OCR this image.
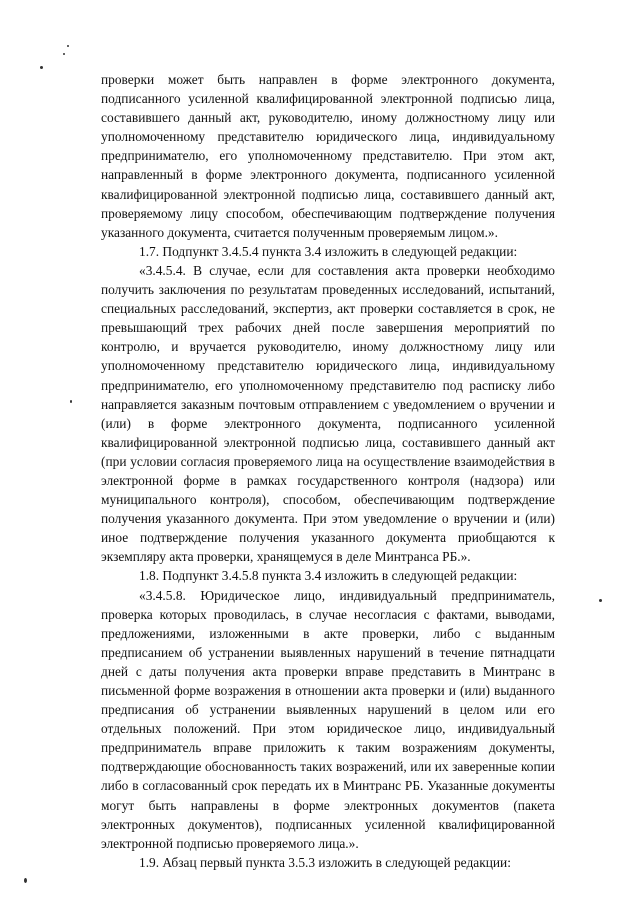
проверки может быть направлен в форме электронного документа, подписанного усиленной квалифицированной электронной подписью лица, составившего данный акт, руководителю, иному должностному лицу или уполномоченному представителю юридического лица, индивидуальному предпринимателю, его уполномоченному представителю. При этом акт, направленный в форме электронного документа, подписанного усиленной квалифицированной электронной подписью лица, составившего данный акт, проверяемому лицу способом, обеспечивающим подтверждение получения указанного документа, считается полученным проверяемым лицом.».

1.7. Подпункт 3.4.5.4 пункта 3.4 изложить в следующей редакции:

«3.4.5.4. В случае, если для составления акта проверки необходимо получить заключения по результатам проведенных исследований, испытаний, специальных расследований, экспертиз, акт проверки составляется в срок, не превышающий трех рабочих дней после завершения мероприятий по контролю, и вручается руководителю, иному должностному лицу или уполномоченному представителю юридического лица, индивидуальному предпринимателю, его уполномоченному представителю под расписку либо направляется заказным почтовым отправлением с уведомлением о вручении и (или) в форме электронного документа, подписанного усиленной квалифицированной электронной подписью лица, составившего данный акт (при условии согласия проверяемого лица на осуществление взаимодействия в электронной форме в рамках государственного контроля (надзора) или муниципального контроля), способом, обеспечивающим подтверждение получения указанного документа. При этом уведомление о вручении и (или) иное подтверждение получения указанного документа приобщаются к экземпляру акта проверки, хранящемуся в деле Минтранса РБ.».

1.8. Подпункт 3.4.5.8 пункта 3.4 изложить в следующей редакции:

«3.4.5.8. Юридическое лицо, индивидуальный предприниматель, проверка которых проводилась, в случае несогласия с фактами, выводами, предложениями, изложенными в акте проверки, либо с выданным предписанием об устранении выявленных нарушений в течение пятнадцати дней с даты получения акта проверки вправе представить в Минтранс в письменной форме возражения в отношении акта проверки и (или) выданного предписания об устранении выявленных нарушений в целом или его отдельных положений. При этом юридическое лицо, индивидуальный предприниматель вправе приложить к таким возражениям документы, подтверждающие обоснованность таких возражений, или их заверенные копии либо в согласованный срок передать их в Минтранс РБ. Указанные документы могут быть направлены в форме электронных документов (пакета электронных документов), подписанных усиленной квалифицированной электронной подписью проверяемого лица.».

1.9. Абзац первый пункта 3.5.3 изложить в следующей редакции:
